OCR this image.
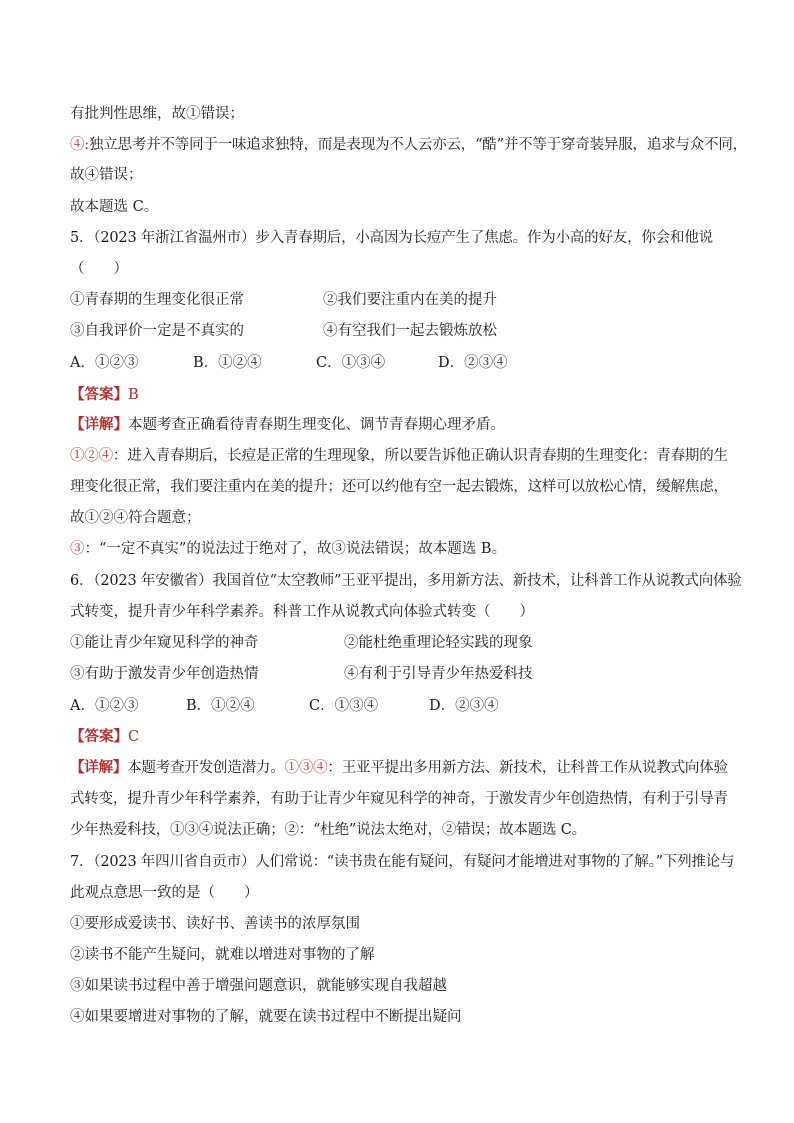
有批判性思维，故①错误；
④:独立思考并不等同于一味追求独特，而是表现为不人云亦云，“酷”并不等于穿奇装异服，追求与众不同，
故④错误；
故本题选 C。
5．（2023 年浙江省温州市）步入青春期后，小高因为长痘产生了焦虑。作为小高的好友，你会和他说
（　　）
①青春期的生理变化很正常	②我们要注重内在美的提升
③自我评价一定是不真实的	④有空我们一起去锻炼放松
A．①②③	B．①②④	C．①③④	D．②③④
【答案】B
【详解】本题考查正确看待青春期生理变化、调节青春期心理矛盾。
①②④：进入青春期后，长痘是正常的生理现象，所以要告诉他正确认识青春期的生理变化：青春期的生
理变化很正常，我们要注重内在美的提升；还可以约他有空一起去锻炼，这样可以放松心情，缓解焦虑，
故①②④符合题意；
③：“一定不真实”的说法过于绝对了，故③说法错误；故本题选 B。
6．（2023 年安徽省）我国首位“太空教师”王亚平提出，多用新方法、新技术，让科普工作从说教式向体验
式转变，提升青少年科学素养。科普工作从说教式向体验式转变（　　）
①能让青少年窥见科学的神奇	②能杜绝重理论轻实践的现象
③有助于激发青少年创造热情	④有利于引导青少年热爱科技
A．①②③	B．①②④	C．①③④	D．②③④
【答案】C
【详解】本题考查开发创造潜力。①③④：王亚平提出多用新方法、新技术，让科普工作从说教式向体验
式转变，提升青少年科学素养，有助于让青少年窥见科学的神奇，于激发青少年创造热情，有利于引导青
少年热爱科技，①③④说法正确；②：“杜绝”说法太绝对，②错误；故本题选 C。
7．（2023 年四川省自贡市）人们常说：“读书贵在能有疑问，有疑问才能增进对事物的了解。”下列推论与
此观点意思一致的是（　　）
①要形成爱读书、读好书、善读书的浓厚氛围
②读书不能产生疑问，就难以增进对事物的了解
③如果读书过程中善于增强问题意识，就能够实现自我超越
④如果要增进对事物的了解，就要在读书过程中不断提出疑问
